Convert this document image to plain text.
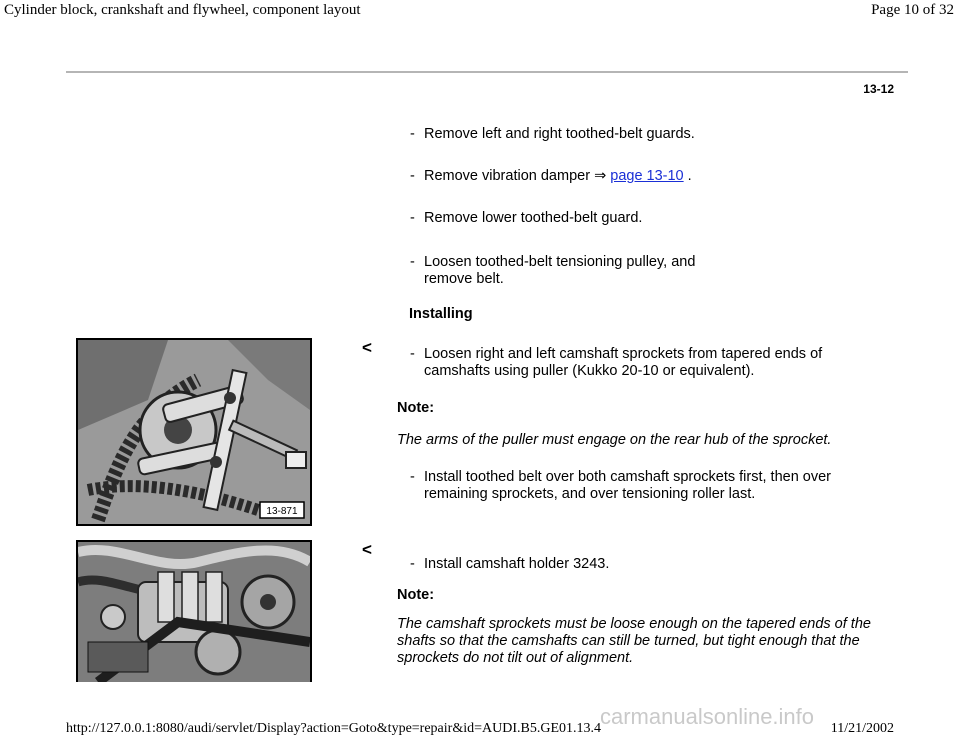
Cylinder block, crankshaft and flywheel, component layout	Page 10 of 32
13-12
- Remove left and right toothed-belt guards.
- Remove vibration damper ⇒ page 13-10 .
- Remove lower toothed-belt guard.
- Loosen toothed-belt tensioning pulley, and
remove belt.
Installing
13-871
<	- Loosen right and left camshaft sprockets from tapered ends of
camshafts using puller (Kukko 20-10 or equivalent).
Note:
The arms of the puller must engage on the rear hub of the sprocket.
- Install toothed belt over both camshaft sprockets first, then over
remaining sprockets, and over tensioning roller last.
<
- Install camshaft holder 3243.
Note:
The camshaft sprockets must be loose enough on the tapered ends of the
shafts so that the camshafts can still be turned, but tight enough that the
sprockets do not tilt out of alignment.
carmanualsonline.info
http://127.0.0.1:8080/audi/servlet/Display?action=Goto&type=repair&id=AUDI.B5.GE01.13.4	11/21/2002
